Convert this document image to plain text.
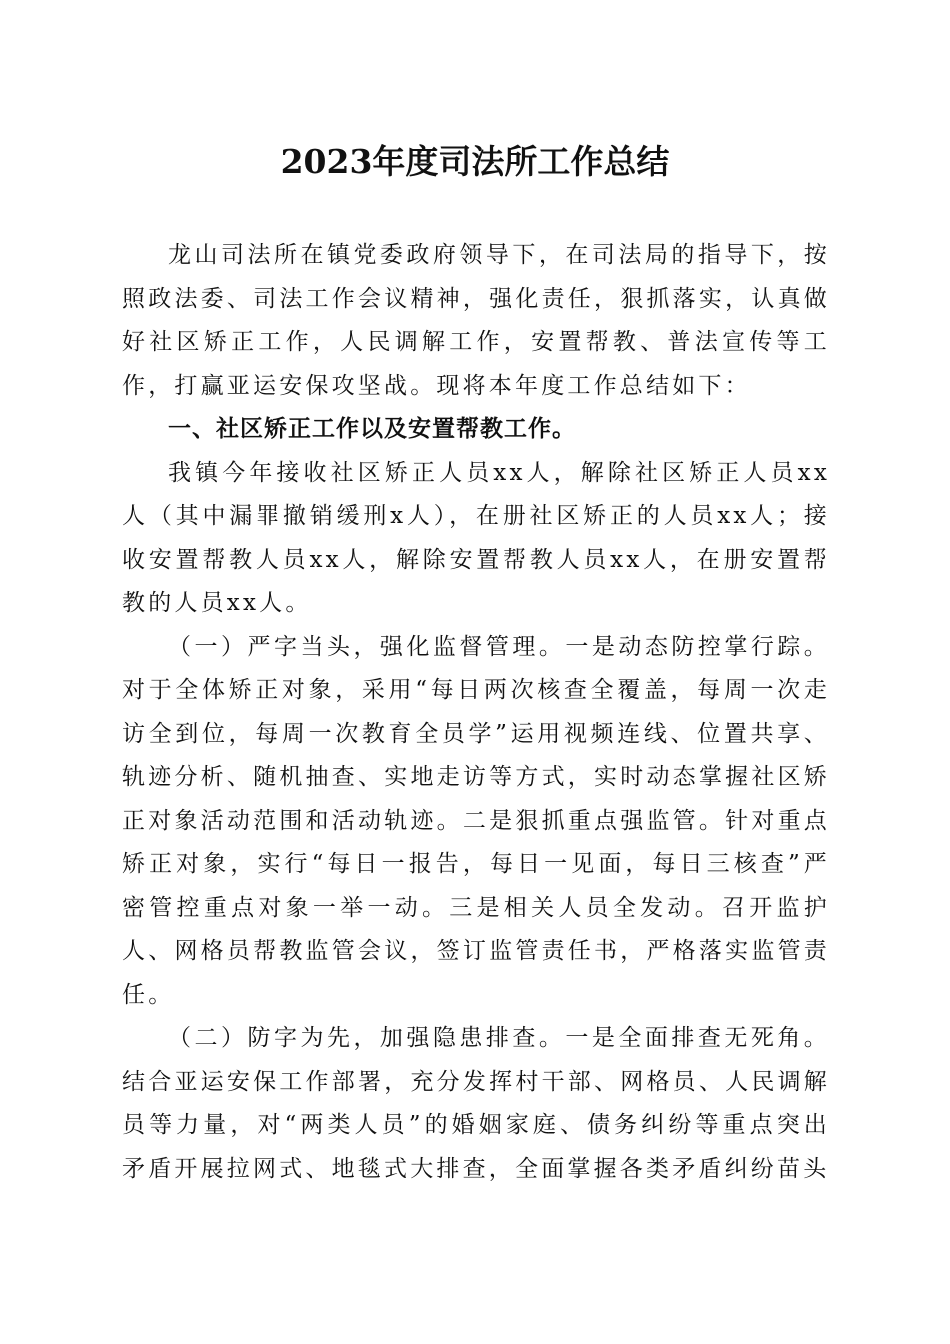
2023年度司法所工作总结

龙山司法所在镇党委政府领导下，在司法局的指导下，按照政法委、司法工作会议精神，强化责任，狠抓落实，认真做好社区矫正工作，人民调解工作，安置帮教、普法宣传等工作，打赢亚运安保攻坚战。现将本年度工作总结如下：

一、社区矫正工作以及安置帮教工作。

我镇今年接收社区矫正人员xx人，解除社区矫正人员xx人（其中漏罪撤销缓刑x人），在册社区矫正的人员xx人；接收安置帮教人员xx人，解除安置帮教人员xx人，在册安置帮教的人员xx人。

（一）严字当头，强化监督管理。一是动态防控掌行踪。对于全体矫正对象，采用“每日两次核查全覆盖，每周一次走访全到位，每周一次教育全员学”运用视频连线、位置共享、轨迹分析、随机抽查、实地走访等方式，实时动态掌握社区矫正对象活动范围和活动轨迹。二是狠抓重点强监管。针对重点矫正对象，实行“每日一报告，每日一见面，每日三核查”严密管控重点对象一举一动。三是相关人员全发动。召开监护人、网格员帮教监管会议，签订监管责任书，严格落实监管责任。

（二）防字为先，加强隐患排查。一是全面排查无死角。结合亚运安保工作部署，充分发挥村干部、网格员、人民调解员等力量，对“两类人员”的婚姻家庭、债务纠纷等重点突出矛盾开展拉网式、地毯式大排查，全面掌握各类矛盾纠纷苗头
